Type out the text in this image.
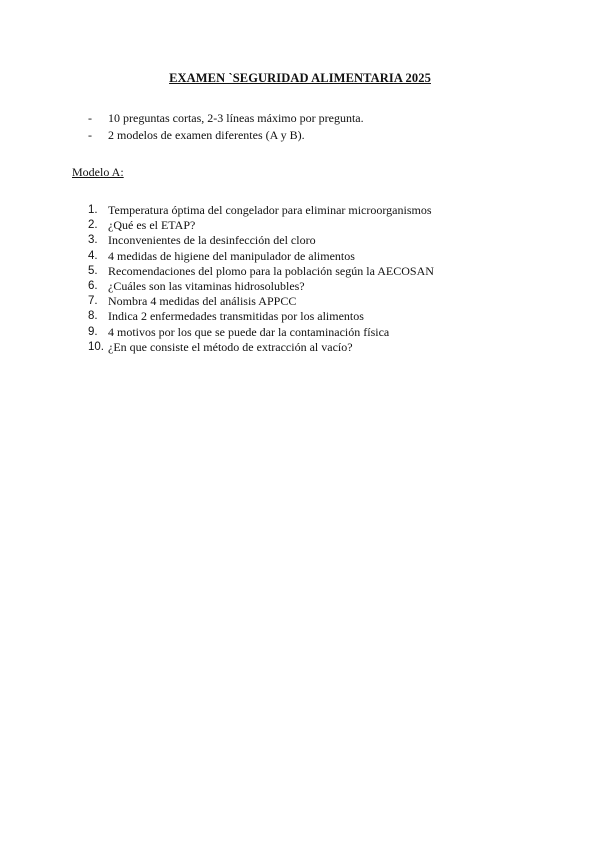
EXAMEN ˋSEGURIDAD ALIMENTARIA 2025
- 10 preguntas cortas, 2-3 líneas máximo por pregunta.
- 2 modelos de examen diferentes (A y B).
Modelo A:
1. Temperatura óptima del congelador para eliminar microorganismos
2. ¿Qué es el ETAP?
3. Inconvenientes de la desinfección del cloro
4. 4 medidas de higiene del manipulador de alimentos
5. Recomendaciones del plomo para la población según la AECOSAN
6. ¿Cuáles son las vitaminas hidrosolubles?
7. Nombra 4 medidas del análisis APPCC
8. Indica 2 enfermedades transmitidas por los alimentos
9. 4 motivos por los que se puede dar la contaminación física
10. ¿En que consiste el método de extracción al vacío?
